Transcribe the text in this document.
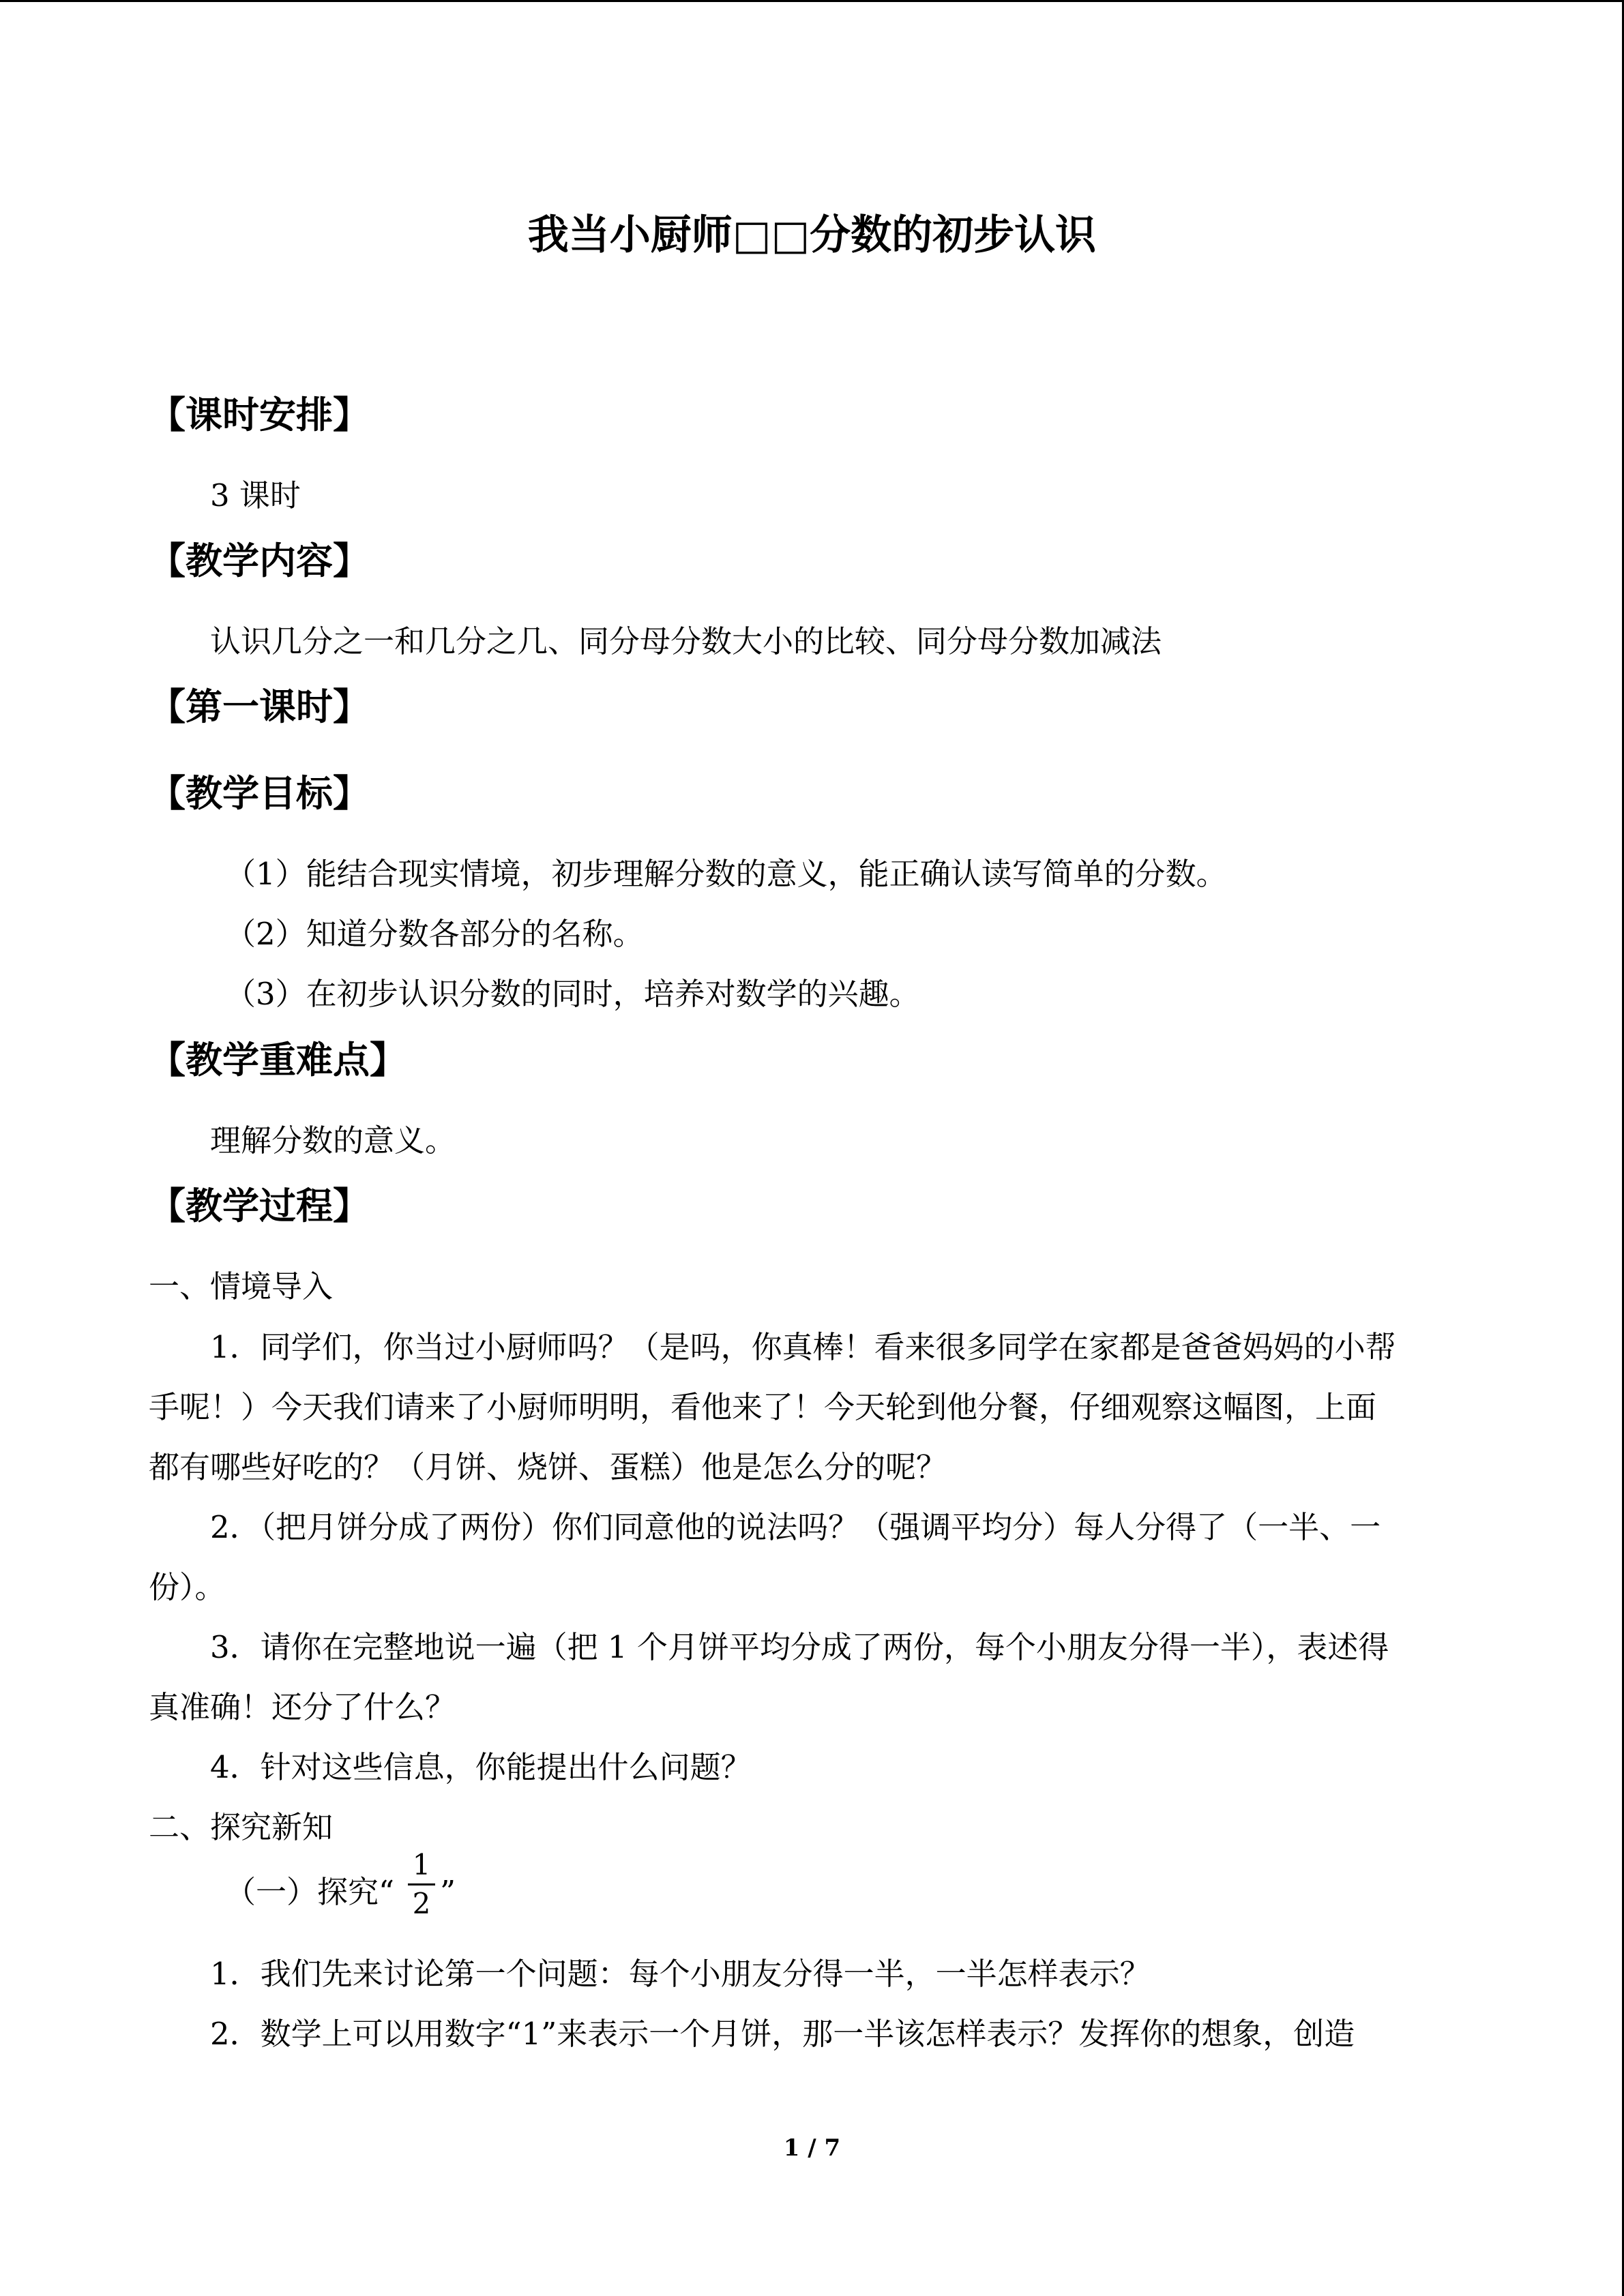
我当小厨师□□分数的初步认识
【课时安排】
3 课时
【教学内容】
认识几分之一和几分之几、同分母分数大小的比较、同分母分数加减法
【第一课时】
【教学目标】
（1）能结合现实情境，初步理解分数的意义，能正确认读写简单的分数。
（2）知道分数各部分的名称。
（3）在初步认识分数的同时，培养对数学的兴趣。
【教学重难点】
理解分数的意义。
【教学过程】
一、情境导入
1．同学们，你当过小厨师吗？（是吗，你真棒！看来很多同学在家都是爸爸妈妈的小帮
手呢！）今天我们请来了小厨师明明，看他来了！今天轮到他分餐，仔细观察这幅图，上面
都有哪些好吃的？（月饼、烧饼、蛋糕）他是怎么分的呢？
2．（把月饼分成了两份）你们同意他的说法吗？（强调平均分）每人分得了（一半、一
份）。
3．请你在完整地说一遍（把 1 个月饼平均分成了两份，每个小朋友分得一半），表述得
真准确！还分了什么？
4．针对这些信息，你能提出什么问题？
二、探究新知
（一）探究“
1
2 ”
1．我们先来讨论第一个问题：每个小朋友分得一半，一半怎样表示？
2．数学上可以用数字“1”来表示一个月饼，那一半该怎样表示？发挥你的想象，创造
1 / 7
